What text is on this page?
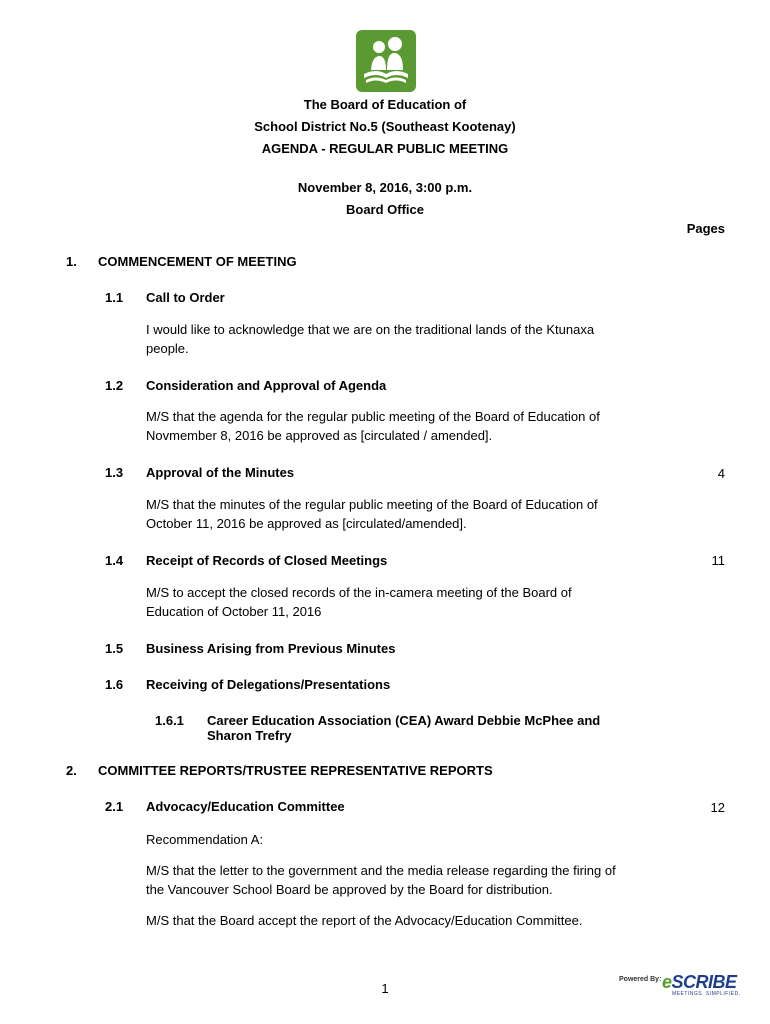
The Board of Education of
School District No.5 (Southeast Kootenay)
AGENDA - REGULAR PUBLIC MEETING
November 8, 2016, 3:00 p.m.
Board Office
Pages
1. COMMENCEMENT OF MEETING
1.1 Call to Order
I would like to acknowledge that we are on the traditional lands of the Ktunaxa people.
1.2 Consideration and Approval of Agenda
M/S that the agenda for the regular public meeting of the Board of Education of Novmember 8, 2016 be approved as [circulated / amended].
1.3 Approval of the Minutes	4
M/S that the minutes of the regular public meeting of the Board of Education of October 11, 2016 be approved as [circulated/amended].
1.4 Receipt of Records of Closed Meetings	11
M/S to accept the closed records of the in-camera meeting of the Board of Education of October 11, 2016
1.5 Business Arising from Previous Minutes
1.6 Receiving of Delegations/Presentations
1.6.1 Career Education Association (CEA) Award Debbie McPhee and Sharon Trefry
2. COMMITTEE REPORTS/TRUSTEE REPRESENTATIVE REPORTS
2.1 Advocacy/Education Committee	12
Recommendation A:
M/S that the letter to the government and the media release regarding the firing of the Vancouver School Board be approved by the Board for distribution.
M/S that the Board accept the report of the Advocacy/Education Committee.
1
Powered By: eSCRIBE
MEETINGS. SIMPLIFIED.
